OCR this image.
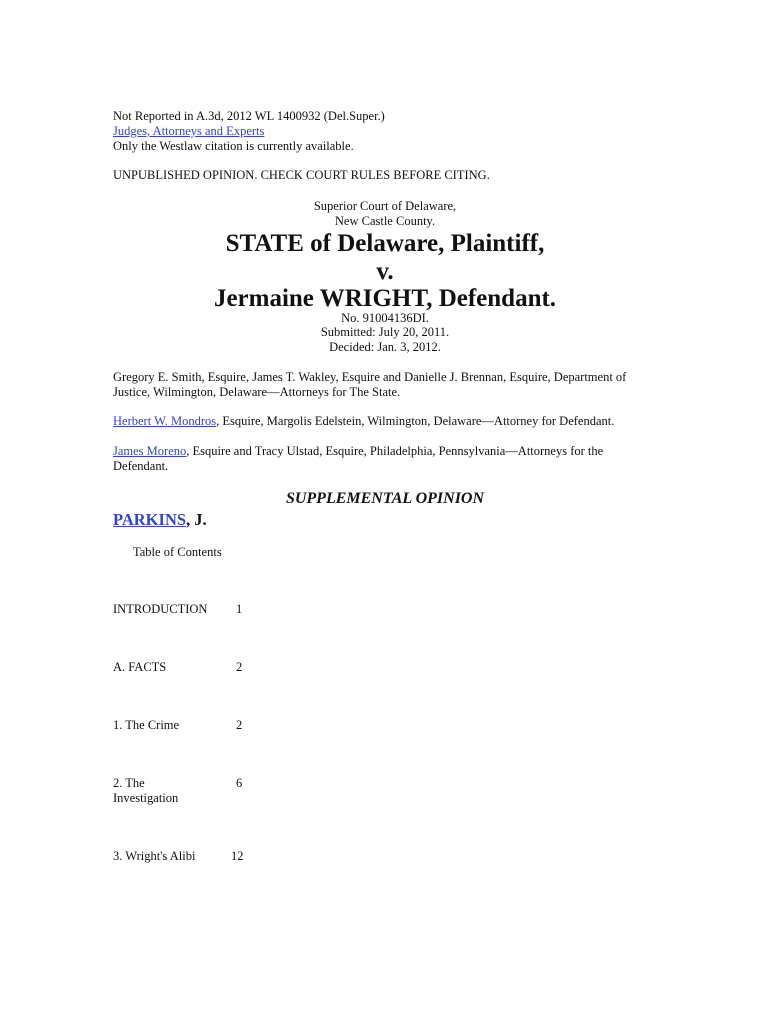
Not Reported in A.3d, 2012 WL 1400932 (Del.Super.)
Judges, Attorneys and Experts
Only the Westlaw citation is currently available.
UNPUBLISHED OPINION. CHECK COURT RULES BEFORE CITING.
Superior Court of Delaware,
New Castle County.
STATE of Delaware, Plaintiff,
v.
Jermaine WRIGHT, Defendant.
No. 91004136DI.
Submitted: July 20, 2011.
Decided: Jan. 3, 2012.
Gregory E. Smith, Esquire, James T. Wakley, Esquire and Danielle J. Brennan, Esquire, Department of
Justice, Wilmington, Delaware—Attorneys for The State.
Herbert W. Mondros, Esquire, Margolis Edelstein, Wilmington, Delaware—Attorney for Defendant.
James Moreno, Esquire and Tracy Ulstad, Esquire, Philadelphia, Pennsylvania—Attorneys for the
Defendant.
SUPPLEMENTAL OPINION
PARKINS, J.
Table of Contents
INTRODUCTION 1
A. FACTS	2
1. The Crime	2
2. The
Investigation
6
3. Wright's Alibi	12
